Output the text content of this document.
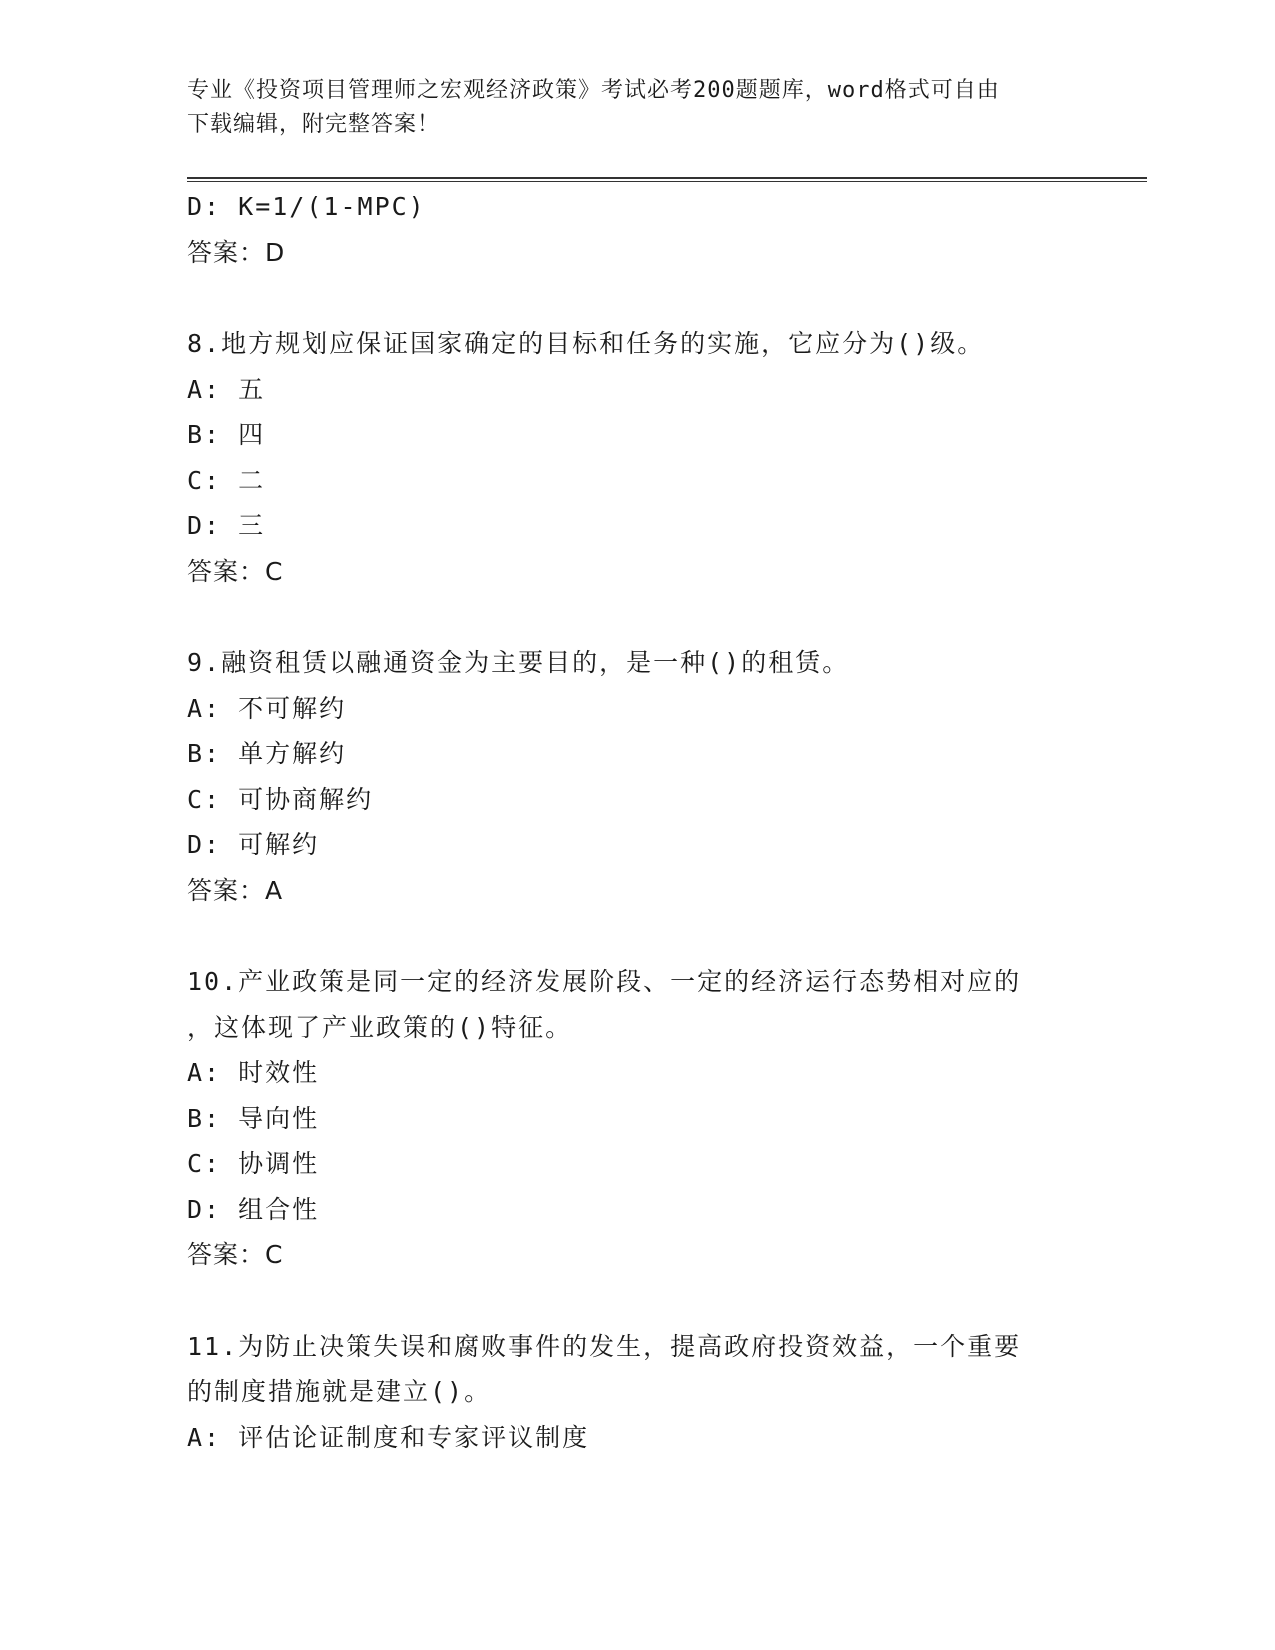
专业《投资项目管理师之宏观经济政策》考试必考200题题库，word格式可自由
下载编辑，附完整答案！
D: K=1/(1-MPC)
答案：D
8.地方规划应保证国家确定的目标和任务的实施，它应分为()级。
A: 五
B: 四
C: 二
D: 三
答案：C
9.融资租赁以融通资金为主要目的，是一种()的租赁。
A: 不可解约
B: 单方解约
C: 可协商解约
D: 可解约
答案：A
10.产业政策是同一定的经济发展阶段、一定的经济运行态势相对应的
，这体现了产业政策的()特征。
A: 时效性
B: 导向性
C: 协调性
D: 组合性
答案：C
11.为防止决策失误和腐败事件的发生，提高政府投资效益，一个重要
的制度措施就是建立()。
A: 评估论证制度和专家评议制度
